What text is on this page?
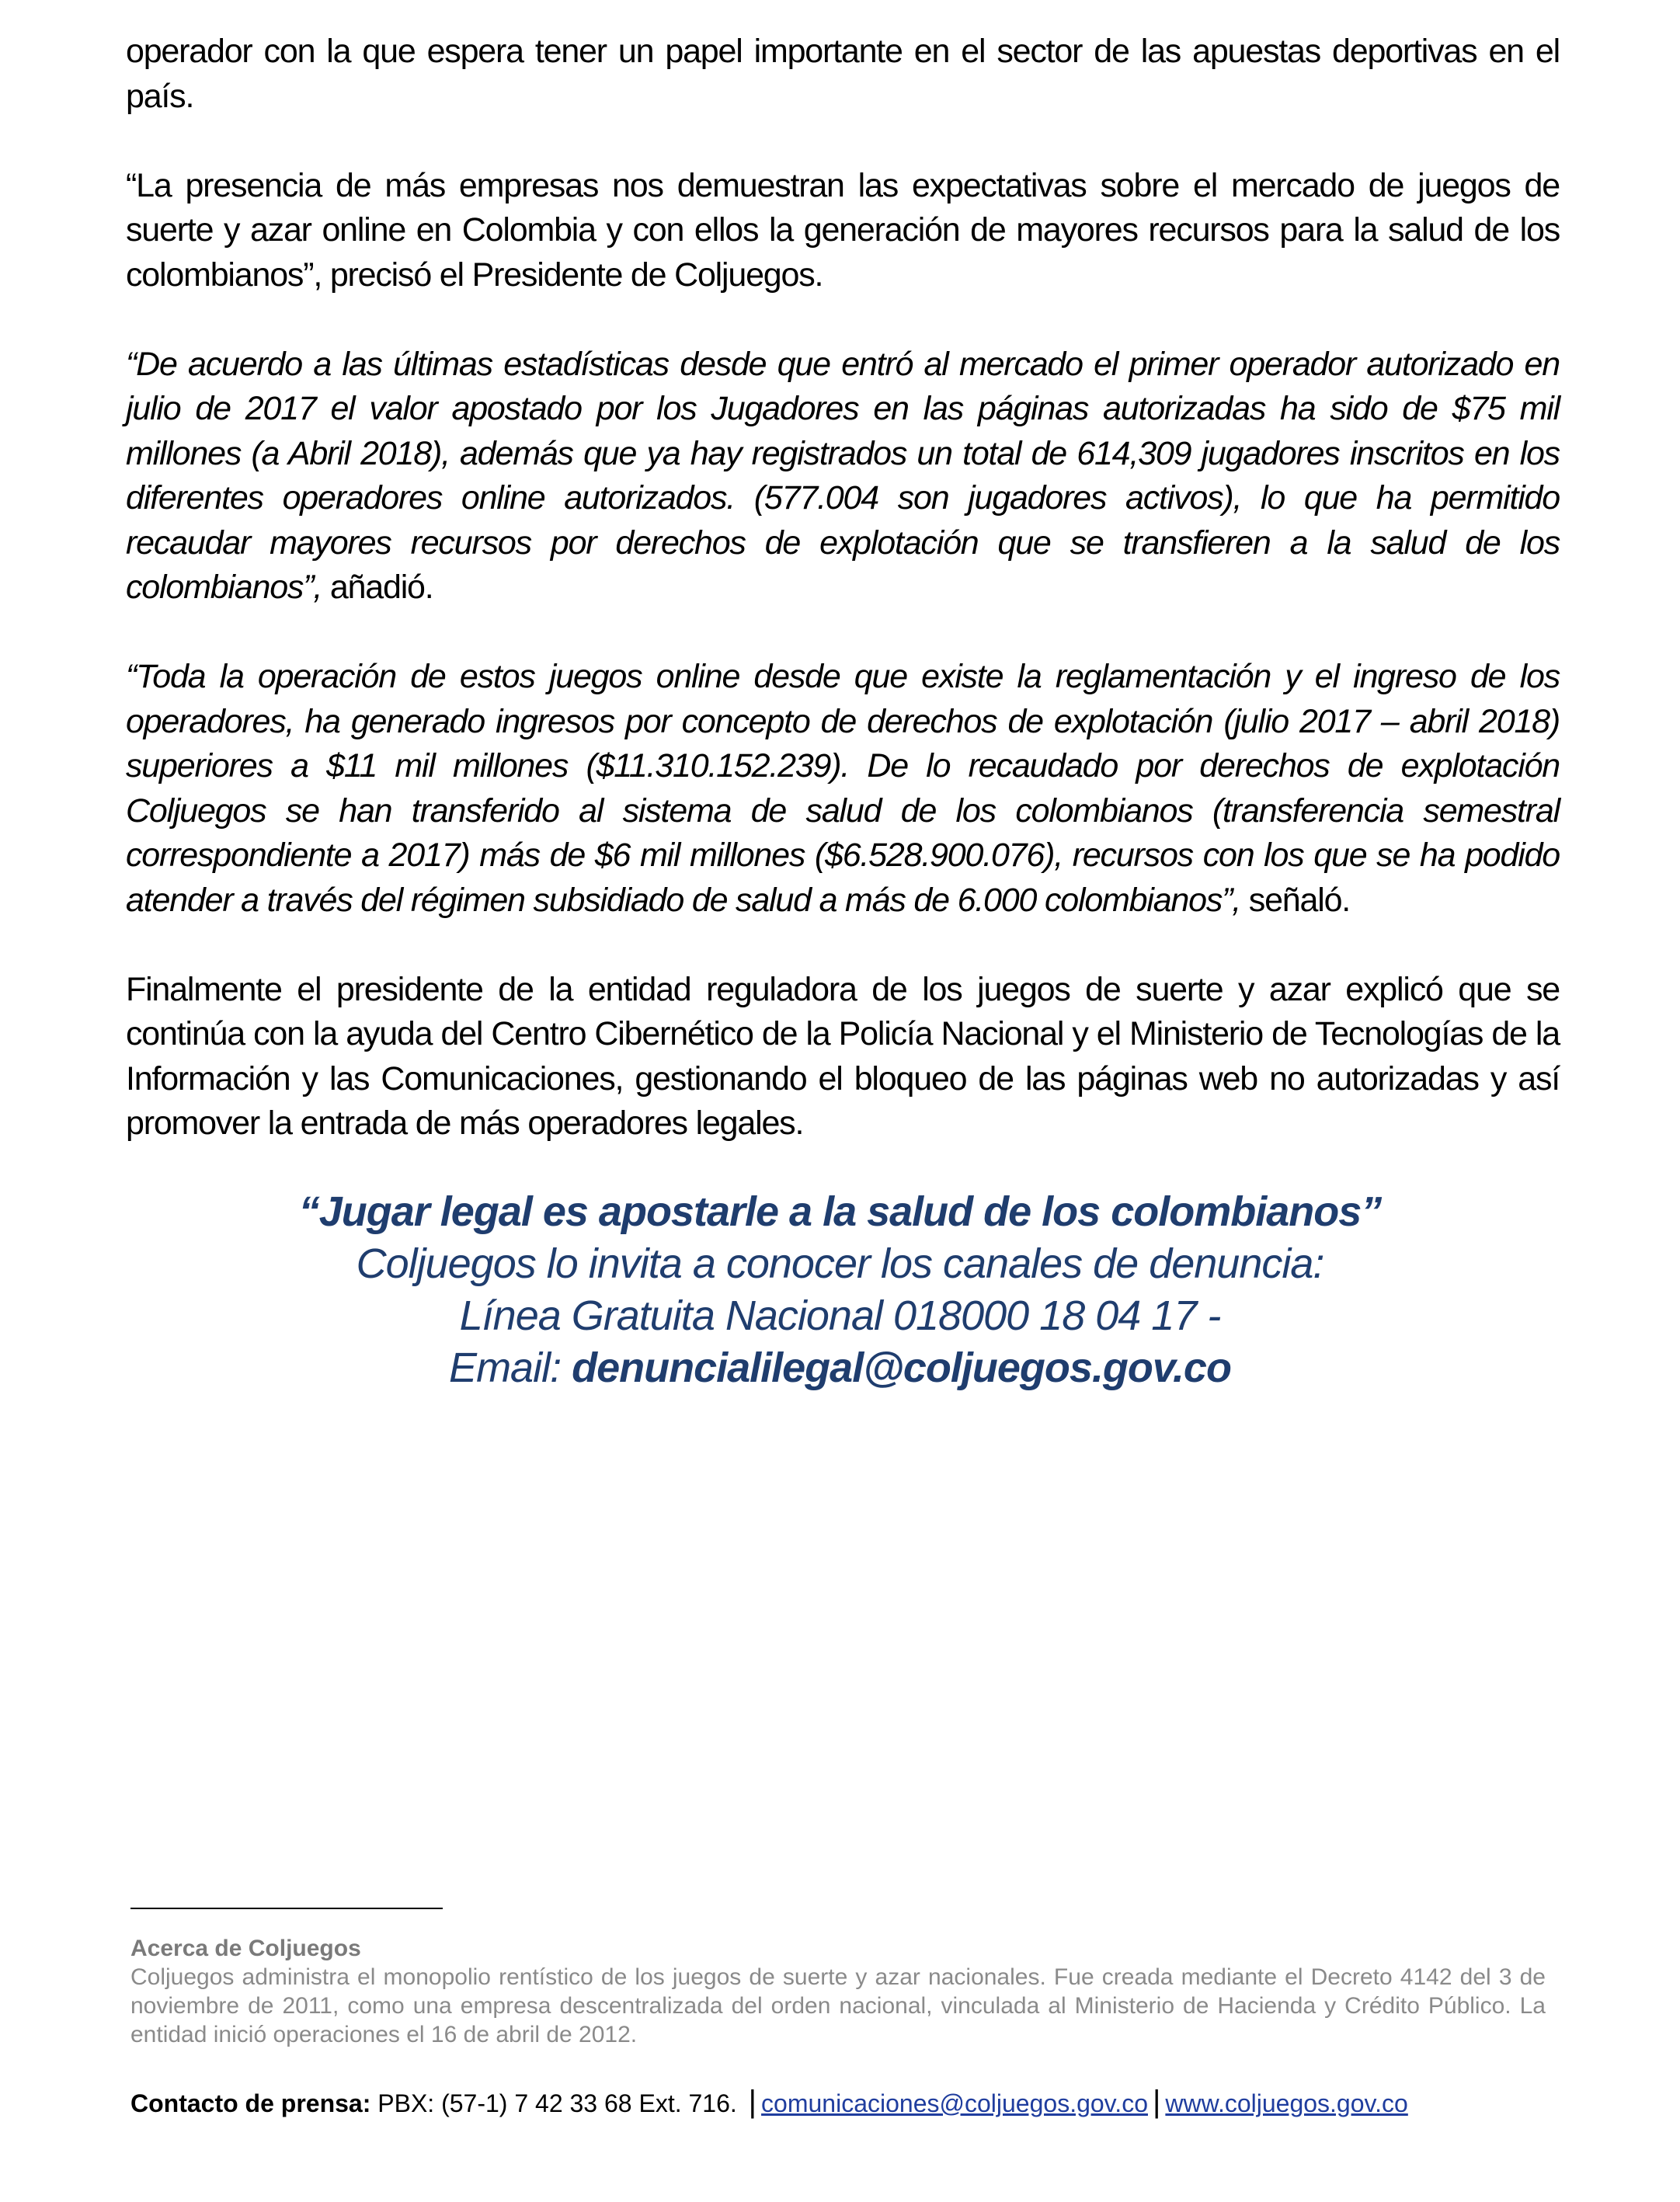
operador con la que espera tener un papel importante en el sector de las apuestas deportivas en el país.

“La presencia de más empresas nos demuestran las expectativas sobre el mercado de juegos de suerte y azar online en Colombia y con ellos la generación de mayores recursos para la salud de los colombianos”, precisó el Presidente de Coljuegos.

“De acuerdo a las últimas estadísticas desde que entró al mercado el primer operador autorizado en julio de 2017 el valor apostado por los Jugadores en las páginas autorizadas ha sido de $75 mil millones (a Abril 2018), además que ya hay registrados un total de 614,309 jugadores inscritos en los diferentes operadores online autorizados. (577.004 son jugadores activos), lo que ha permitido recaudar mayores recursos por derechos de explotación que se transfieren a la salud de los colombianos”, añadió.

“Toda la operación de estos juegos online desde que existe la reglamentación y el ingreso de los operadores, ha generado ingresos por concepto de derechos de explotación (julio 2017 – abril 2018) superiores a $11 mil millones ($11.310.152.239). De lo recaudado por derechos de explotación Coljuegos se han transferido al sistema de salud de los colombianos (transferencia semestral correspondiente a 2017) más de $6 mil millones ($6.528.900.076), recursos con los que se ha podido atender a través del régimen subsidiado de salud a más de 6.000 colombianos”, señaló.

Finalmente el presidente de la entidad reguladora de los juegos de suerte y azar explicó que se continúa con la ayuda del Centro Cibernético de la Policía Nacional y el Ministerio de Tecnologías de la Información y las Comunicaciones, gestionando el bloqueo de las páginas web no autorizadas y así promover la entrada de más operadores legales.

“Jugar legal es apostarle a la salud de los colombianos”
Coljuegos lo invita a conocer los canales de denuncia:
Línea Gratuita Nacional 018000 18 04 17 -
Email: denuncialilegal@coljuegos.gov.co
Acerca de Coljuegos
Coljuegos administra el monopolio rentístico de los juegos de suerte y azar nacionales. Fue creada mediante el Decreto 4142 del 3 de noviembre de 2011, como una empresa descentralizada del orden nacional, vinculada al Ministerio de Hacienda y Crédito Público. La entidad inició operaciones el 16 de abril de 2012.
Contacto de prensa: PBX: (57-1) 7 42 33 68 Ext. 716. | comunicaciones@coljuegos.gov.co | www.coljuegos.gov.co
